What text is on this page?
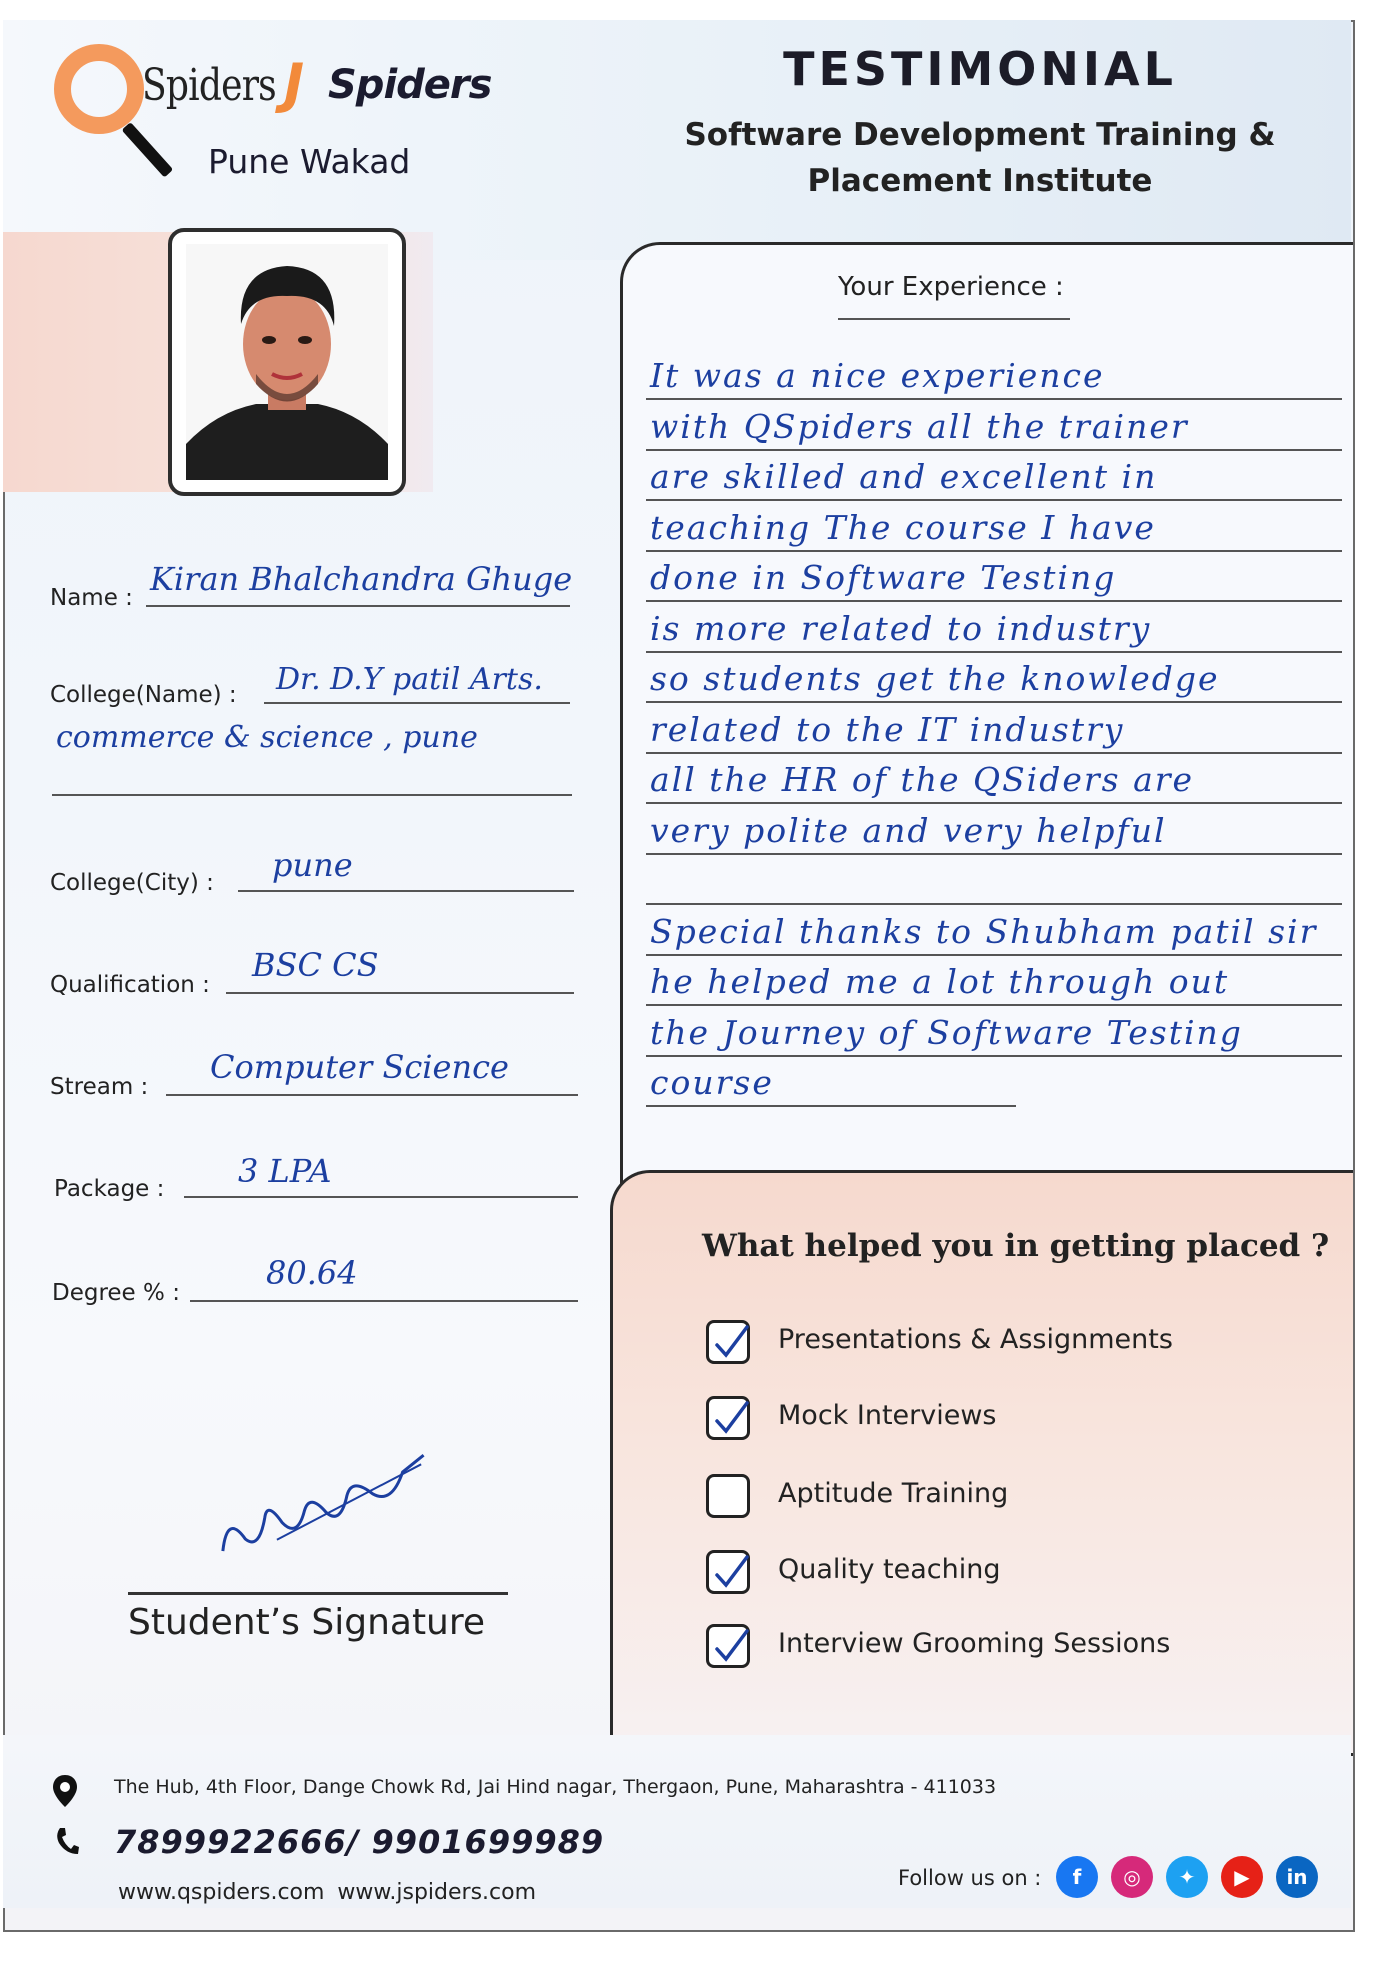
Spiders J Spiders
Pune Wakad
TESTIMONIAL
Software Development Training &
Placement Institute
Name : Kiran Bhalchandra Ghuge
College(Name) : Dr. D.Y patil Arts.
commerce & science , pune
College(City) : pune
Qualification :
BSC CS
Stream :
Computer Science
Package : 3 LPA
Degree % :
80.64
Your Experience :
It was a nice experience
with QSpiders all the trainer
are skilled and excellent in
teaching The course I have
done in Software Testing
is more related to industry
so students get the knowledge
related to the IT industry
all the HR of the QSiders are
very polite and very helpful
Special thanks to Shubham patil sir
he helped me a lot through out
the Journey of Software Testing
course
What helped you in getting placed ?
Presentations & Assignments
Mock Interviews
Aptitude Training
Quality teaching
Interview Grooming Sessions
Student’s Signature
The Hub, 4th Floor, Dange Chowk Rd, Jai Hind nagar, Thergaon, Pune, Maharashtra - 411033
7899922666/ 9901699989
www.qspiders.com www.jspiders.com
Follow us on :	f	◎	✦	▶	in
